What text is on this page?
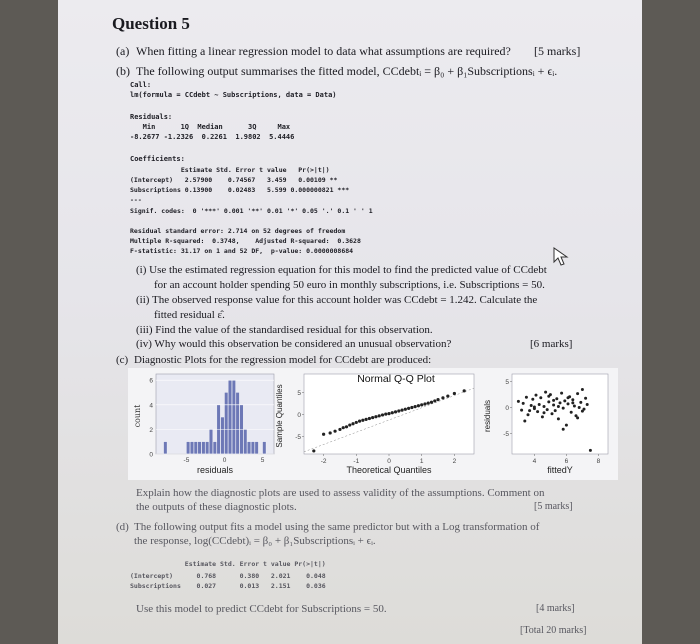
Question 5
(a) When fitting a linear regression model to data what assumptions are required? [5 marks]
(b) The following output summarises the fitted model, CCdebtᵢ = β₀ + β₁Subscriptionsᵢ + ϵᵢ.
Call:
lm(formula = CCdebt ~ Subscriptions, data = Data)
Residuals:
Min      1Q  Median      3Q     Max
-8.2677 -1.2326  0.2261  1.9802  5.4446
Coefficients:
Estimate Std. Error t value   Pr(>|t|)
(Intercept)   2.57900    0.74567   3.459   0.00109 **
Subscriptions 0.13900    0.02483   5.599 0.000000821 ***
---
Signif. codes:  0 '***' 0.001 '**' 0.01 '*' 0.05 '.' 0.1 ' ' 1
Residual standard error: 2.714 on 52 degrees of freedom
Multiple R-squared:  0.3748,    Adjusted R-squared:  0.3628
F-statistic: 31.17 on 1 and 52 DF,  p-value: 0.0000008684
(i) Use the estimated regression equation for this model to find the predicted value of CCdebt
for an account holder spending 50 euro in monthly subscriptions, i.e. Subscriptions = 50.
(ii) The observed response value for this account holder was CCdebt = 1.242. Calculate the
fitted residual ε̂.
(iii) Find the value of the standardised residual for this observation.
(iv) Why would this observation be considered an unusual observation?	[6 marks]
(c) Diagnostic Plots for the regression model for CCdebt are produced:
count
residuals
0
2
4
6
-5	0	5
Normal Q-Q Plot
Sample Quantiles
Theoretical Quantiles
-5
0
5
-2	-1	0	1	2
residuals
fittedY
-5
0
5
4	6	8
Explain how the diagnostic plots are used to assess validity of the assumptions. Comment on
the outputs of these diagnostic plots.	[5 marks]
(d) The following output fits a model using the same predictor but with a Log transformation of
the response, log(CCdebt)ᵢ = β₀ + β₁Subscriptionsᵢ + ϵᵢ.
Estimate Std. Error t value Pr(>|t|)
(Intercept)      0.768      0.380   2.021    0.048
Subscriptions    0.027      0.013   2.151    0.036
Use this model to predict CCdebt for Subscriptions = 50.	[4 marks]
[Total 20 marks]
